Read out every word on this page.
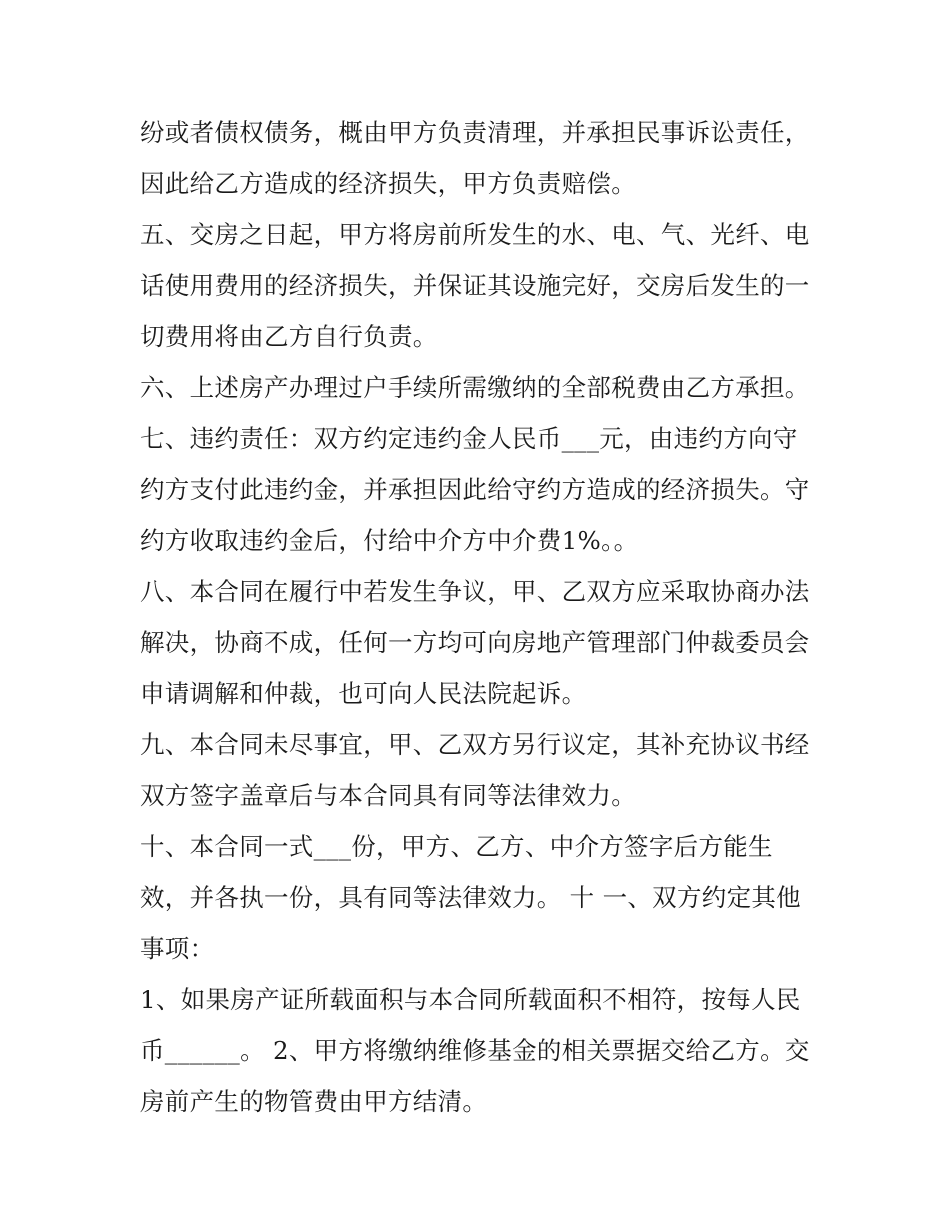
纷或者债权债务，概由甲方负责清理，并承担民事诉讼责任，
因此给乙方造成的经济损失，甲方负责赔偿。
五、交房之日起，甲方将房前所发生的水、电、气、光纤、电
话使用费用的经济损失，并保证其设施完好，交房后发生的一
切费用将由乙方自行负责。
六、上述房产办理过户手续所需缴纳的全部税费由乙方承担。
七、违约责任：双方约定违约金人民币___元，由违约方向守
约方支付此违约金，并承担因此给守约方造成的经济损失。守
约方收取违约金后，付给中介方中介费1%。。
八、本合同在履行中若发生争议，甲、乙双方应采取协商办法
解决，协商不成，任何一方均可向房地产管理部门仲裁委员会
申请调解和仲裁，也可向人民法院起诉。
九、本合同未尽事宜，甲、乙双方另行议定，其补充协议书经
双方签字盖章后与本合同具有同等法律效力。
十、本合同一式___份，甲方、乙方、中介方签字后方能生
效，并各执一份，具有同等法律效力。 十 一、双方约定其他
事项：
1、如果房产证所载面积与本合同所载面积不相符，按每人民
币______。 2、甲方将缴纳维修基金的相关票据交给乙方。交
房前产生的物管费由甲方结清。
